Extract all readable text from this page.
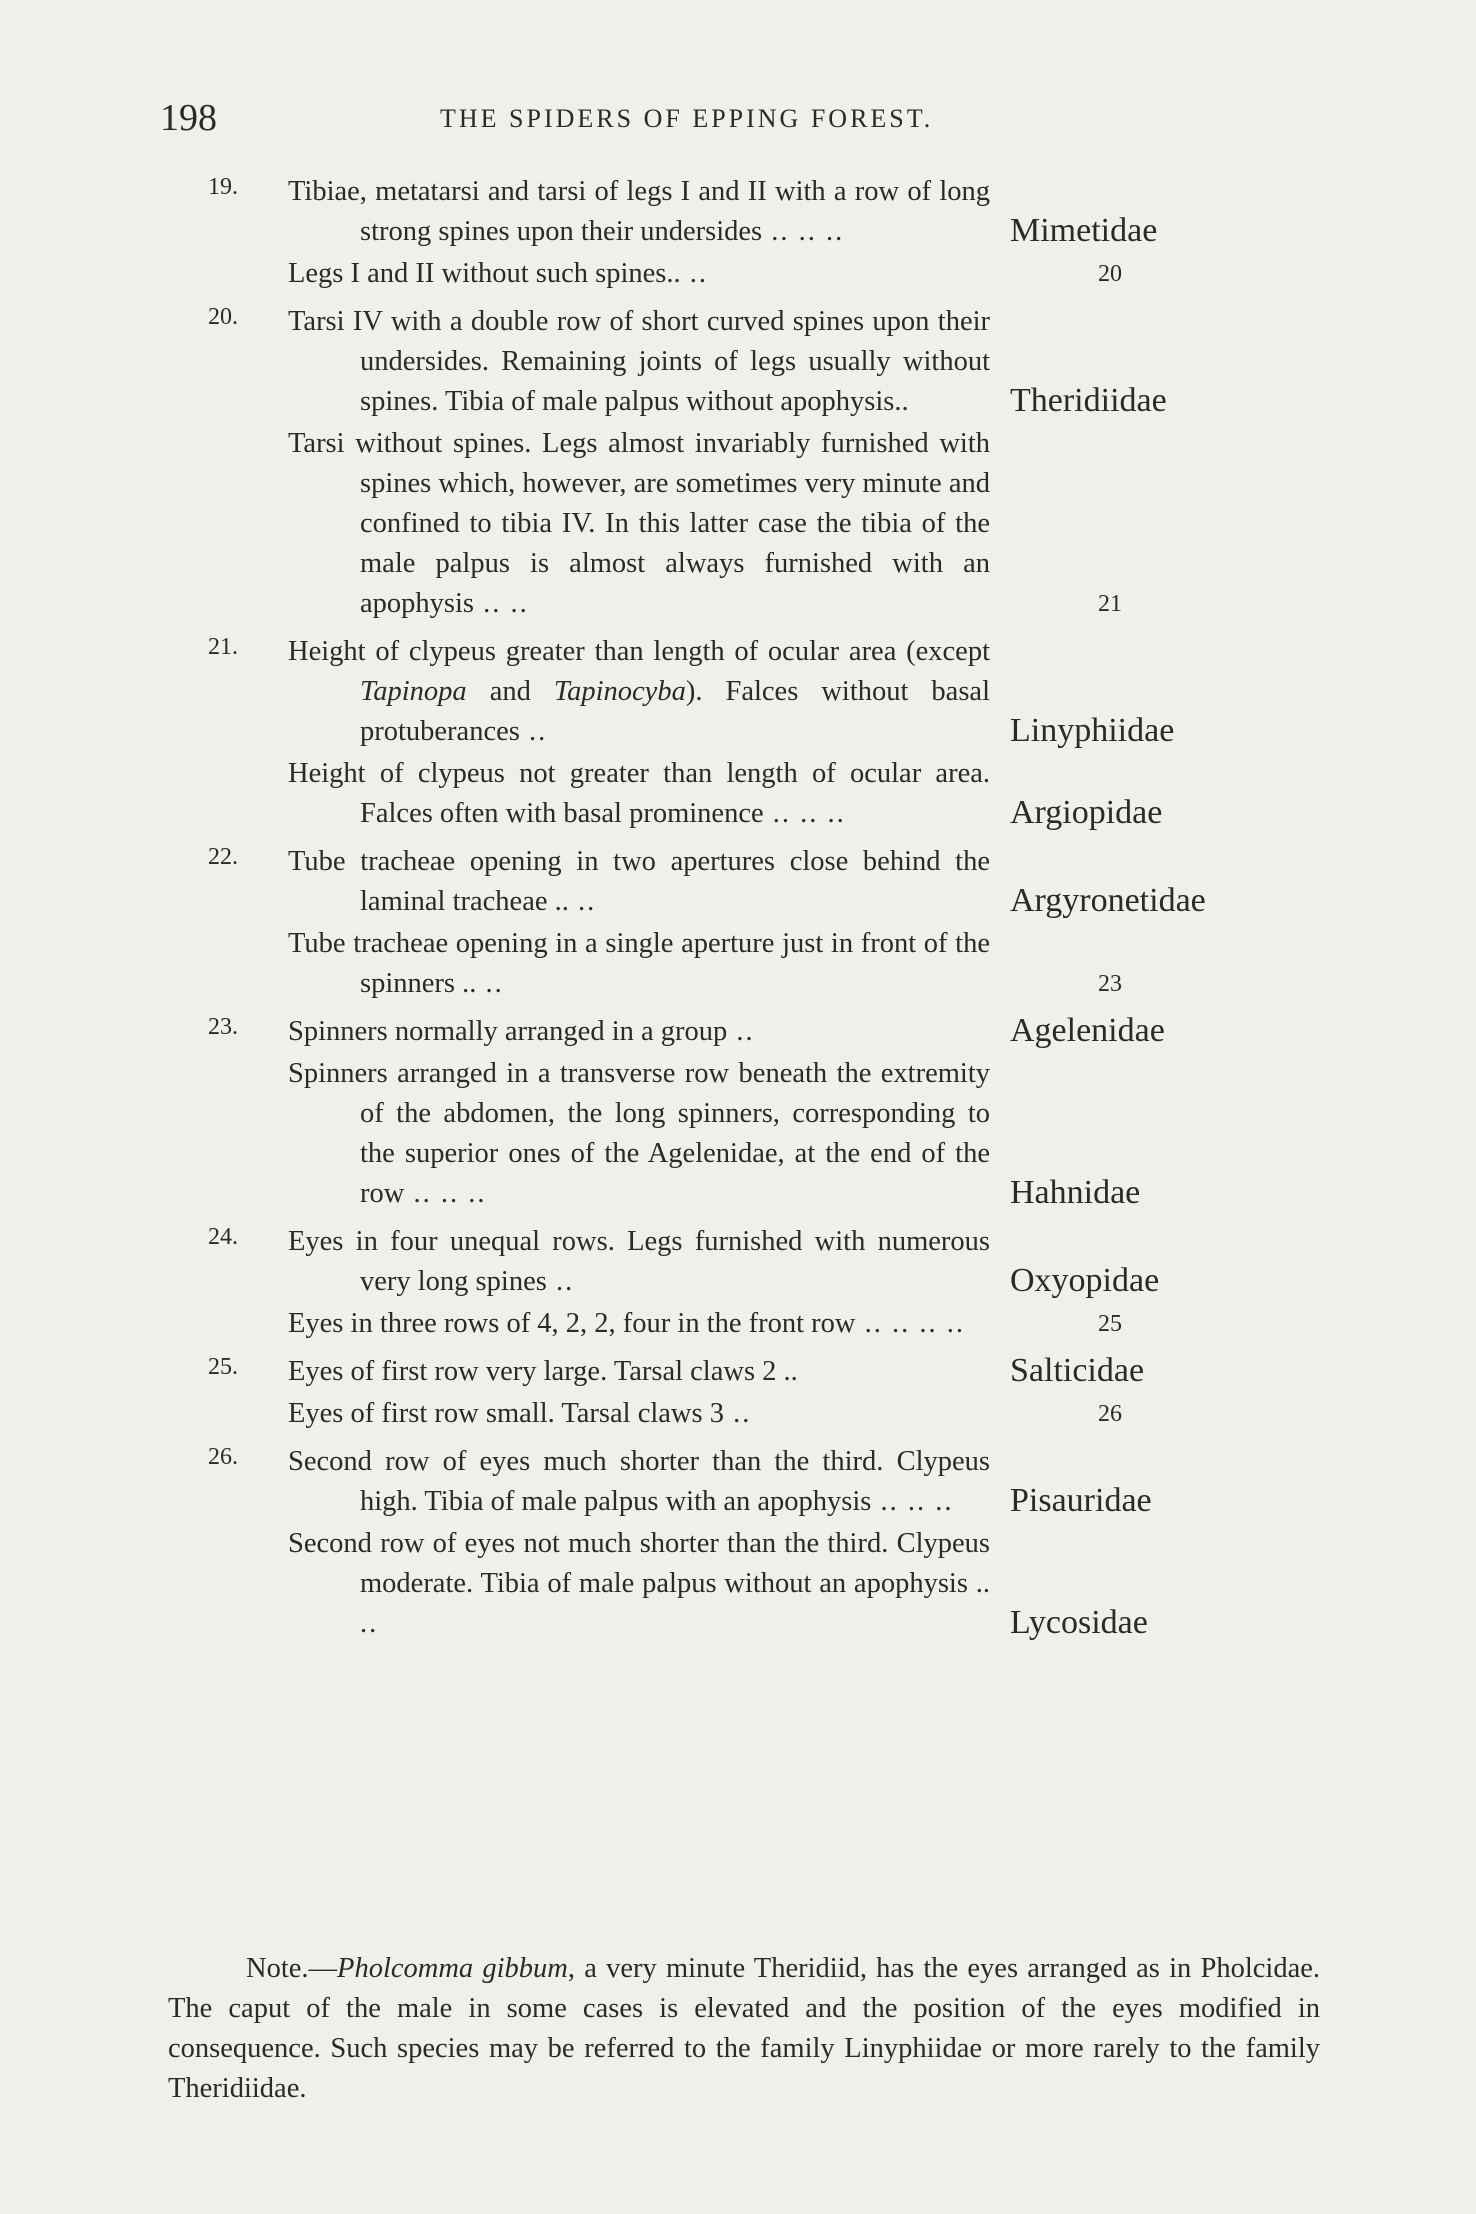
198	THE SPIDERS OF EPPING FOREST.
19. Tibiae, metatarsi and tarsi of legs I and II with a row of long strong spines upon their undersides .. .. ..	Mimetidae
Legs I and II without such spines.. ..	20
20. Tarsi IV with a double row of short curved spines upon their undersides. Remaining joints of legs usually without spines. Tibia of male palpus without apophysis..	Theridiidae
Tarsi without spines. Legs almost invariably furnished with spines which, however, are sometimes very minute and confined to tibia IV. In this latter case the tibia of the male palpus is almost always furnished with an apophysis .. ..	21
21. Height of clypeus greater than length of ocular area (except Tapinopa and Tapinocyba). Falces without basal protuberances ..	Linyphiidae
Height of clypeus not greater than length of ocular area. Falces often with basal prominence .. .. ..	Argiopidae
22. Tube tracheae opening in two apertures close behind the laminal tracheae .. ..	Argyronetidae
Tube tracheae opening in a single aperture just in front of the spinners .. ..	23
23. Spinners normally arranged in a group ..	Agelenidae
Spinners arranged in a transverse row beneath the extremity of the abdomen, the long spinners, corresponding to the superior ones of the Agelenidae, at the end of the row .. .. ..	Hahnidae
24. Eyes in four unequal rows. Legs furnished with numerous very long spines ..	Oxyopidae
Eyes in three rows of 4, 2, 2, four in the front row .. .. .. ..	25
25. Eyes of first row very large. Tarsal claws 2 ..	Salticidae
Eyes of first row small. Tarsal claws 3 ..	26
26. Second row of eyes much shorter than the third. Clypeus high. Tibia of male palpus with an apophysis .. .. ..	Pisauridae
Second row of eyes not much shorter than the third. Clypeus moderate. Tibia of male palpus without an apophysis .. ..	Lycosidae

Note.—Pholcomma gibbum, a very minute Theridiid, has the eyes arranged as in Pholcidae. The caput of the male in some cases is elevated and the position of the eyes modified in consequence. Such species may be referred to the family Linyphiidae or more rarely to the family Theridiidae.
